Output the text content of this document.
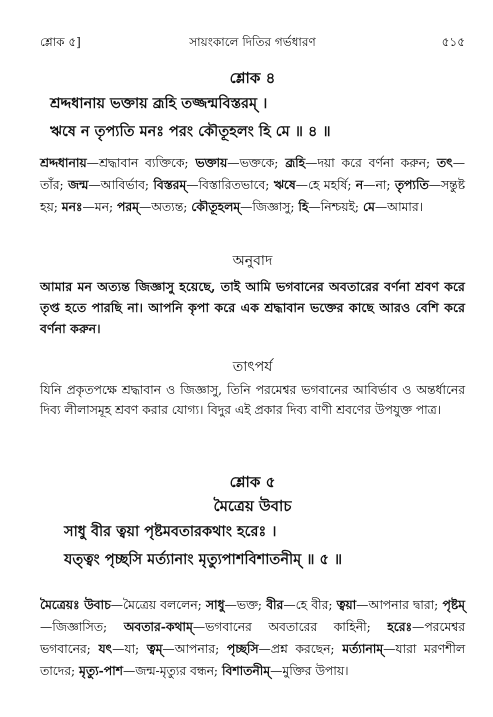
শ্লোক ৫]	সায়ংকালে দিতির গর্ভধারণ	৫১৫
শ্লোক ৪
শ্রদ্দধানায় ভক্তায় ব্রূহি তজ্জন্মবিস্তরম্ ।
ঋষে ন তৃপ্যতি মনঃ পরং কৌতূহলং হি মে ॥ ৪ ॥
শ্রদ্দধানায়—শ্রদ্ধাবান ব্যক্তিকে; ভক্তায়—ভক্তকে; ব্রূহি—দয়া করে বর্ণনা করুন; তৎ—তাঁর; জন্ম—আবির্ভাব; বিস্তরম্—বিস্তারিতভাবে; ঋষে—হে মহর্ষি; ন—না; তৃপ্যতি—সন্তুষ্ট হয়; মনঃ—মন; পরম্—অত্যন্ত; কৌতূহলম্—জিজ্ঞাসু; হি—নিশ্চয়ই; মে—আমার।
অনুবাদ
আমার মন অত্যন্ত জিজ্ঞাসু হয়েছে, তাই আমি ভগবানের অবতারের বর্ণনা শ্রবণ করে তৃপ্ত হতে পারছি না। আপনি কৃপা করে এক শ্রদ্ধাবান ভক্তের কাছে আরও বেশি করে বর্ণনা করুন।
তাৎপর্য
যিনি প্রকৃতপক্ষে শ্রদ্ধাবান ও জিজ্ঞাসু, তিনি পরমেশ্বর ভগবানের আবির্ভাব ও অন্তর্ধানের দিব্য লীলাসমূহ শ্রবণ করার যোগ্য। বিদুর এই প্রকার দিব্য বাণী শ্রবণের উপযুক্ত পাত্র।
শ্লোক ৫
মৈত্রেয় উবাচ
সাধু বীর ত্বয়া পৃষ্টমবতারকথাং হরেঃ ।
যত্ত্বং পৃচ্ছসি মর্ত্যানাং মৃত্যুপাশবিশাতনীম্ ॥ ৫ ॥
মৈত্রেয়ঃ উবাচ—মৈত্রেয় বললেন; সাধু—ভক্ত; বীর—হে বীর; ত্বয়া—আপনার দ্বারা; পৃষ্টম্—জিজ্ঞাসিত; অবতার-কথাম্—ভগবানের অবতারের কাহিনী; হরেঃ—পরমেশ্বর ভগবানের; যৎ—যা; ত্বম্—আপনার; পৃচ্ছসি—প্রশ্ন করছেন; মর্ত্যানাম্—যারা মরণশীল তাদের; মৃত্যু-পাশ—জন্ম-মৃত্যুর বন্ধন; বিশাতনীম্—মুক্তির উপায়।
